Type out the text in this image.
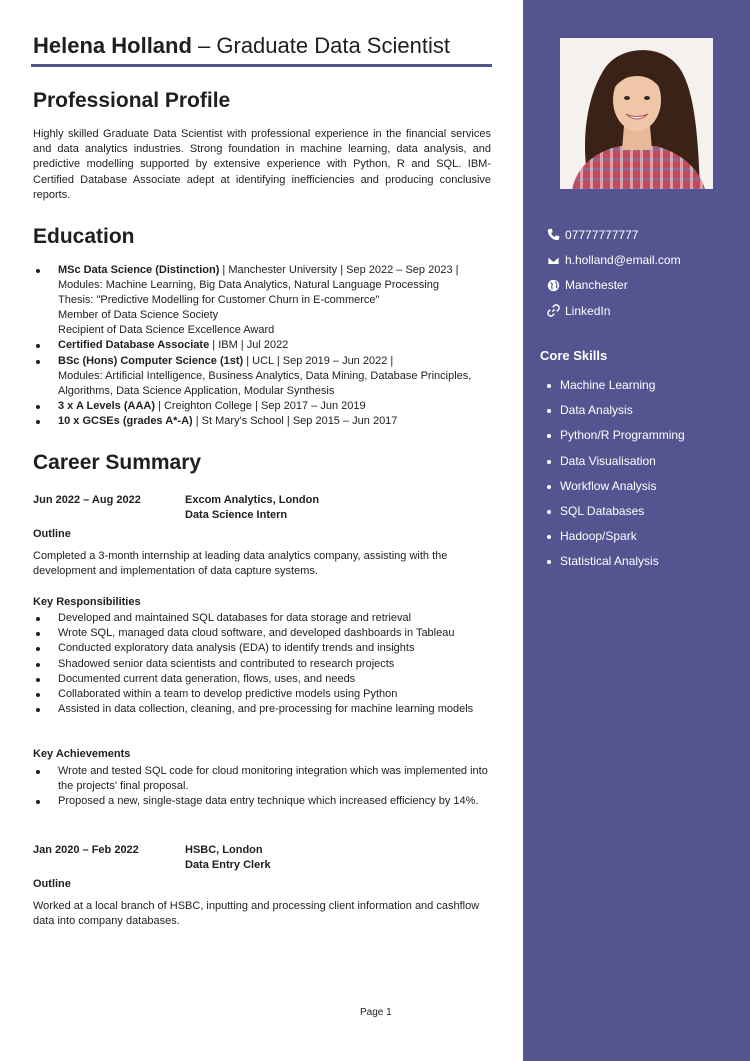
Helena Holland – Graduate Data Scientist
Professional Profile

Highly skilled Graduate Data Scientist with professional experience in the financial services and data analytics industries. Strong foundation in machine learning, data analysis, and predictive modelling supported by extensive experience with Python, R and SQL. IBM-Certified Database Associate adept at identifying inefficiencies and producing conclusive reports.

Education
MSc Data Science (Distinction) | Manchester University | Sep 2022 – Sep 2023 |
Modules: Machine Learning, Big Data Analytics, Natural Language Processing
Thesis: "Predictive Modelling for Customer Churn in E-commerce"
Member of Data Science Society
Recipient of Data Science Excellence Award
Certified Database Associate | IBM | Jul 2022
BSc (Hons) Computer Science (1st) | UCL | Sep 2019 – Jun 2022 |
Modules: Artificial Intelligence, Business Analytics, Data Mining, Database Principles, Algorithms, Data Science Application, Modular Synthesis
3 x A Levels (AAA) | Creighton College | Sep 2017 – Jun 2019
10 x GCSEs (grades A*-A) | St Mary's School | Sep 2015 – Jun 2017
Career Summary
Jun 2022 – Aug 2022	Excom Analytics, London
Data Science Intern
Outline

Completed a 3-month internship at leading data analytics company, assisting with the development and implementation of data capture systems.

Key Responsibilities
Developed and maintained SQL databases for data storage and retrieval
Wrote SQL, managed data cloud software, and developed dashboards in Tableau
Conducted exploratory data analysis (EDA) to identify trends and insights
Shadowed senior data scientists and contributed to research projects
Documented current data generation, flows, uses, and needs
Collaborated within a team to develop predictive models using Python
Assisted in data collection, cleaning, and pre-processing for machine learning models
Key Achievements
Wrote and tested SQL code for cloud monitoring integration which was implemented into the projects' final proposal.
Proposed a new, single-stage data entry technique which increased efficiency by 14%.
Jan 2020 – Feb 2022	HSBC, London
Data Entry Clerk
Outline

Worked at a local branch of HSBC, inputting and processing client information and cashflow data into company databases.

Page 1
07777777777
h.holland@email.com
Manchester
LinkedIn
Core Skills
Machine Learning
Data Analysis
Python/R Programming
Data Visualisation
Workflow Analysis
SQL Databases
Hadoop/Spark
Statistical Analysis
